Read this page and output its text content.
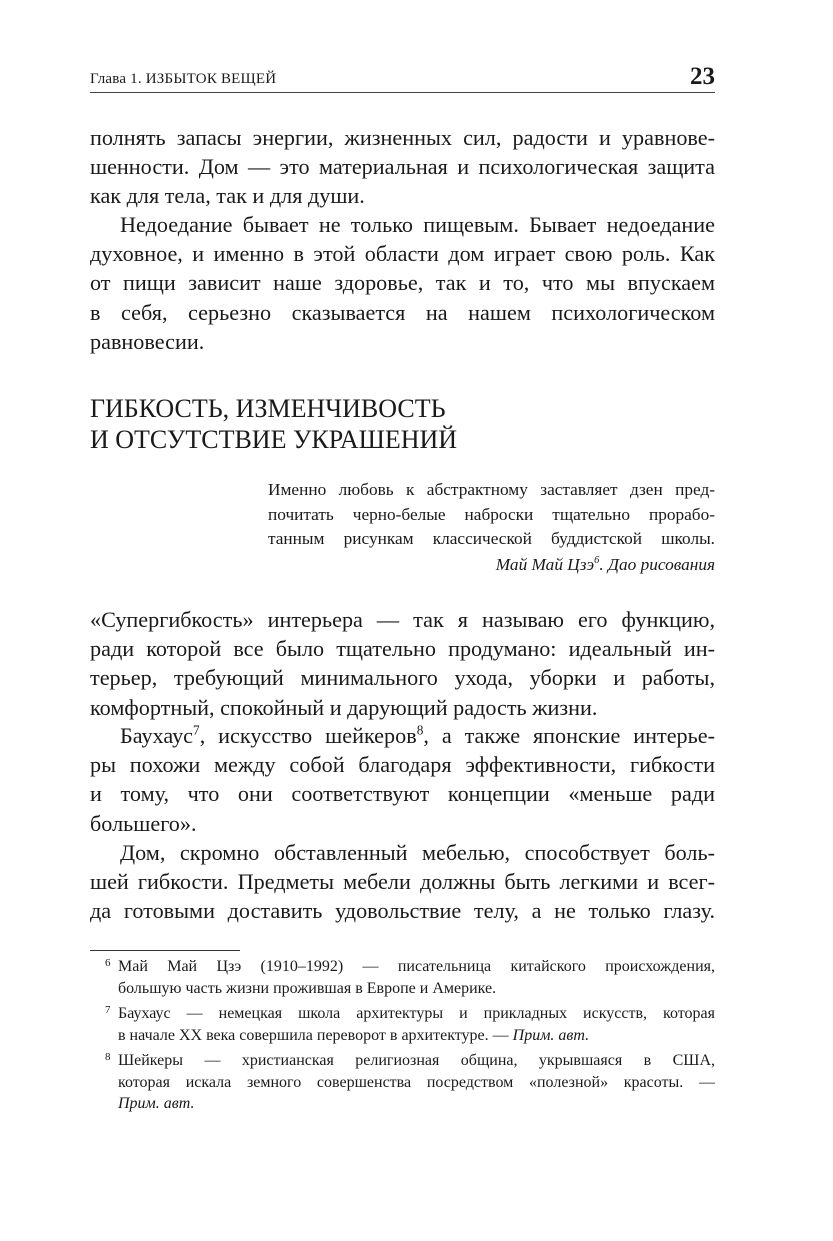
Глава 1. ИЗБЫТОК ВЕЩЕЙ	23
полнять запасы энергии, жизненных сил, радости и уравнове-
шенности. Дом — это материальная и психологическая защита
как для тела, так и для души.
Недоедание бывает не только пищевым. Бывает недоедание
духовное, и именно в этой области дом играет свою роль. Как
от пищи зависит наше здоровье, так и то, что мы впускаем
в себя, серьезно сказывается на нашем психологическом
равновесии.
ГИБКОСТЬ, ИЗМЕНЧИВОСТЬ
И ОТСУТСТВИЕ УКРАШЕНИЙ
Именно любовь к абстрактному заставляет дзен пред-
почитать черно-белые наброски тщательно прорабо-
танным рисункам классической буддистской школы.
Май Май Цзэ$^6$. Дао рисования
«Супергибкость» интерьера — так я называю его функцию,
ради которой все было тщательно продумано: идеальный ин-
терьер, требующий минимального ухода, уборки и работы,
комфортный, спокойный и дарующий радость жизни.
Баухаус$^7$, искусство шейкеров$^8$, а также японские интерье-
ры похожи между собой благодаря эффективности, гибкости
и тому, что они соответствуют концепции «меньше ради
большего».
Дом, скромно обставленный мебелью, способствует боль-
шей гибкости. Предметы мебели должны быть легкими и всег-
да готовыми доставить удовольствие телу, а не только глазу.
6 Май Май Цзэ (1910–1992) — писательница китайского происхождения,
большую часть жизни прожившая в Европе и Америке.
7 Баухаус — немецкая школа архитектуры и прикладных искусств, которая
в начале XX века совершила переворот в архитектуре. — Прим. авт.
8 Шейкеры — христианская религиозная община, укрывшаяся в США,
которая искала земного совершенства посредством «полезной» красоты. —
Прим. авт.
